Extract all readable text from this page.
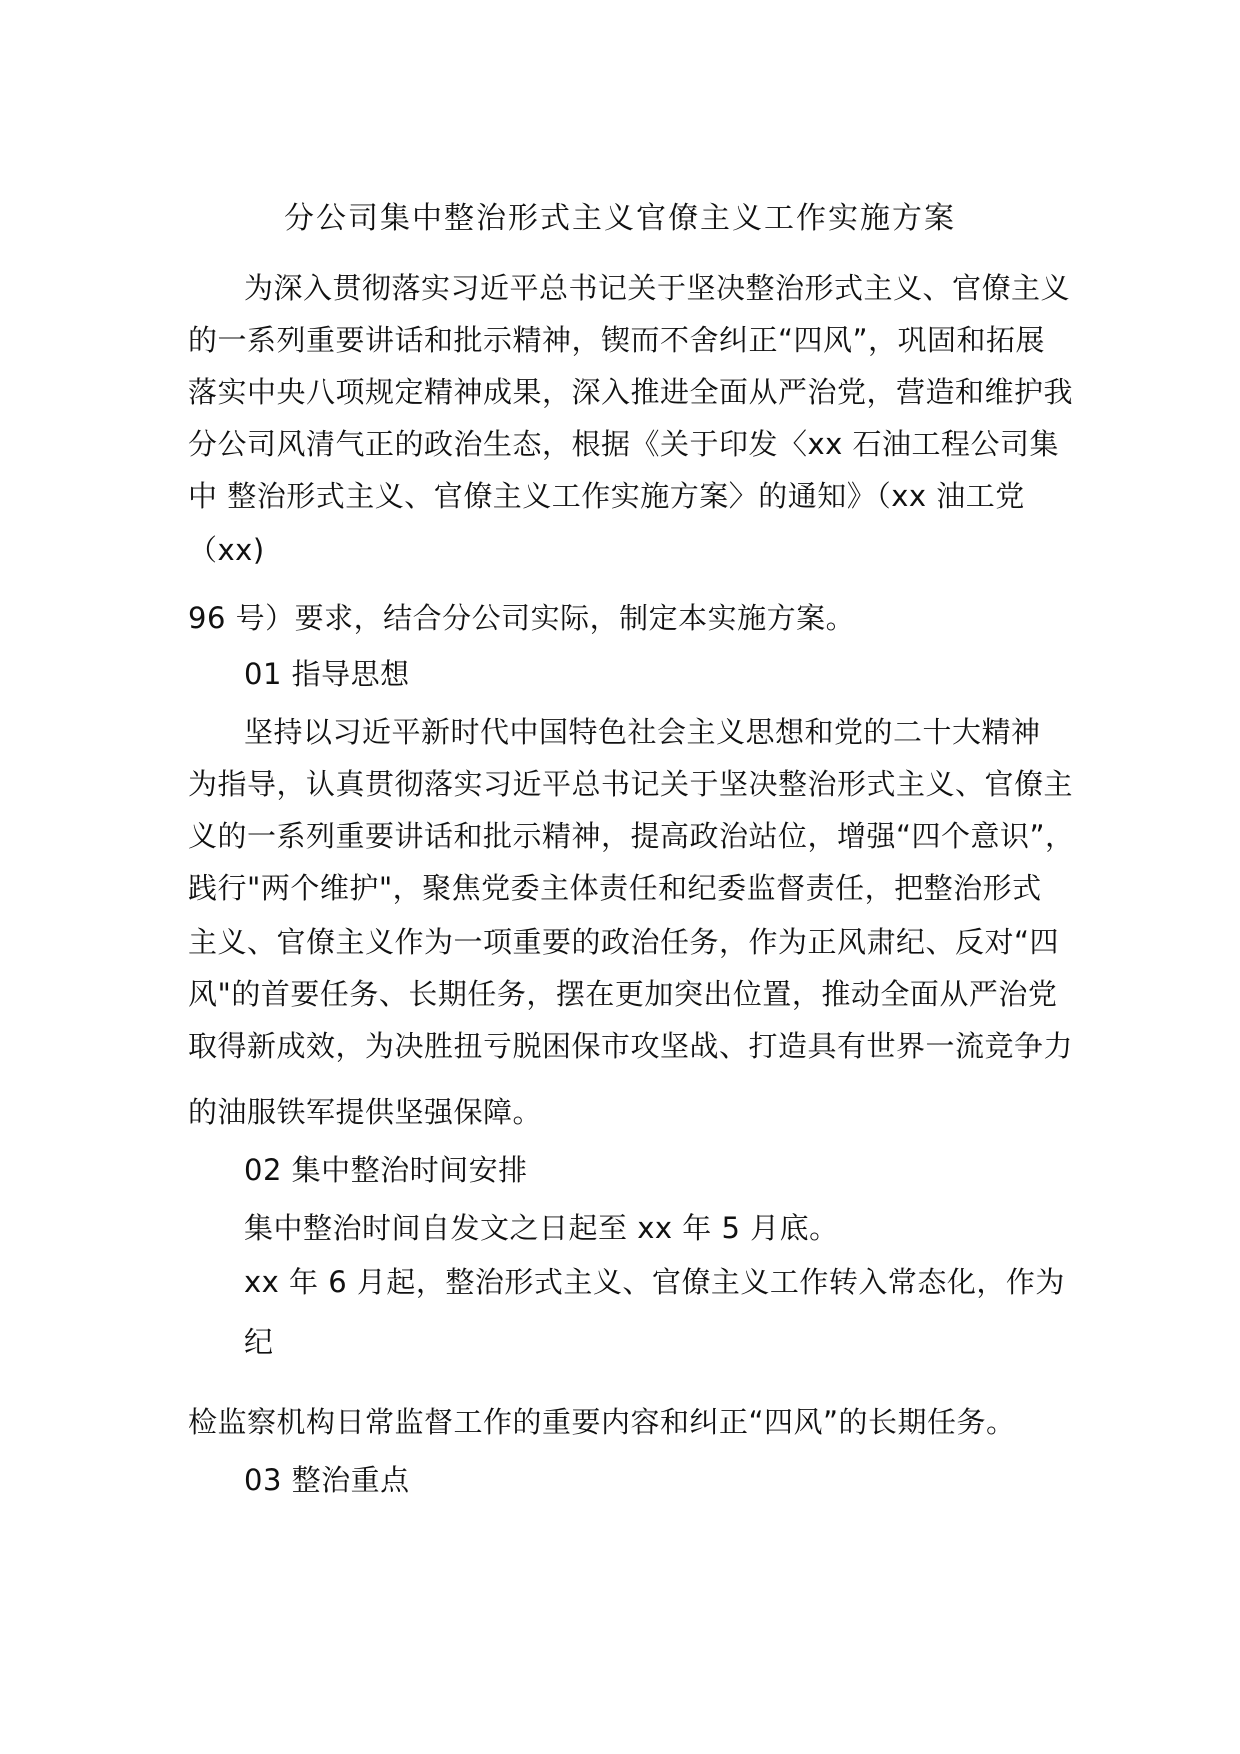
分公司集中整治形式主义官僚主义工作实施方案
为深入贯彻落实习近平总书记关于坚决整治形式主义、官僚主义
的一系列重要讲话和批示精神，锲而不舍纠正“四风”，巩固和拓展
落实中央八项规定精神成果，深入推进全面从严治党，营造和维护我
分公司风清气正的政治生态，根据《关于印发〈xx 石油工程公司集
中 整治形式主义、官僚主义工作实施方案〉的通知》（xx 油工党
（xx)
96 号）要求，结合分公司实际，制定本实施方案。
01 指导思想
坚持以习近平新时代中国特色社会主义思想和党的二十大精神
为指导，认真贯彻落实习近平总书记关于坚决整治形式主义、官僚主
义的一系列重要讲话和批示精神，提高政治站位，增强“四个意识”，
践行"两个维护"，聚焦党委主体责任和纪委监督责任，把整治形式
主义、官僚主义作为一项重要的政治任务，作为正风肃纪、反对“四
风"的首要任务、长期任务，摆在更加突出位置，推动全面从严治党
取得新成效，为决胜扭亏脱困保市攻坚战、打造具有世界一流竞争力
的油服铁军提供坚强保障。
02 集中整治时间安排
集中整治时间自发文之日起至 xx 年 5 月底。
xx 年 6 月起，整治形式主义、官僚主义工作转入常态化，作为
纪
检监察机构日常监督工作的重要内容和纠正“四风”的长期任务。
03 整治重点
